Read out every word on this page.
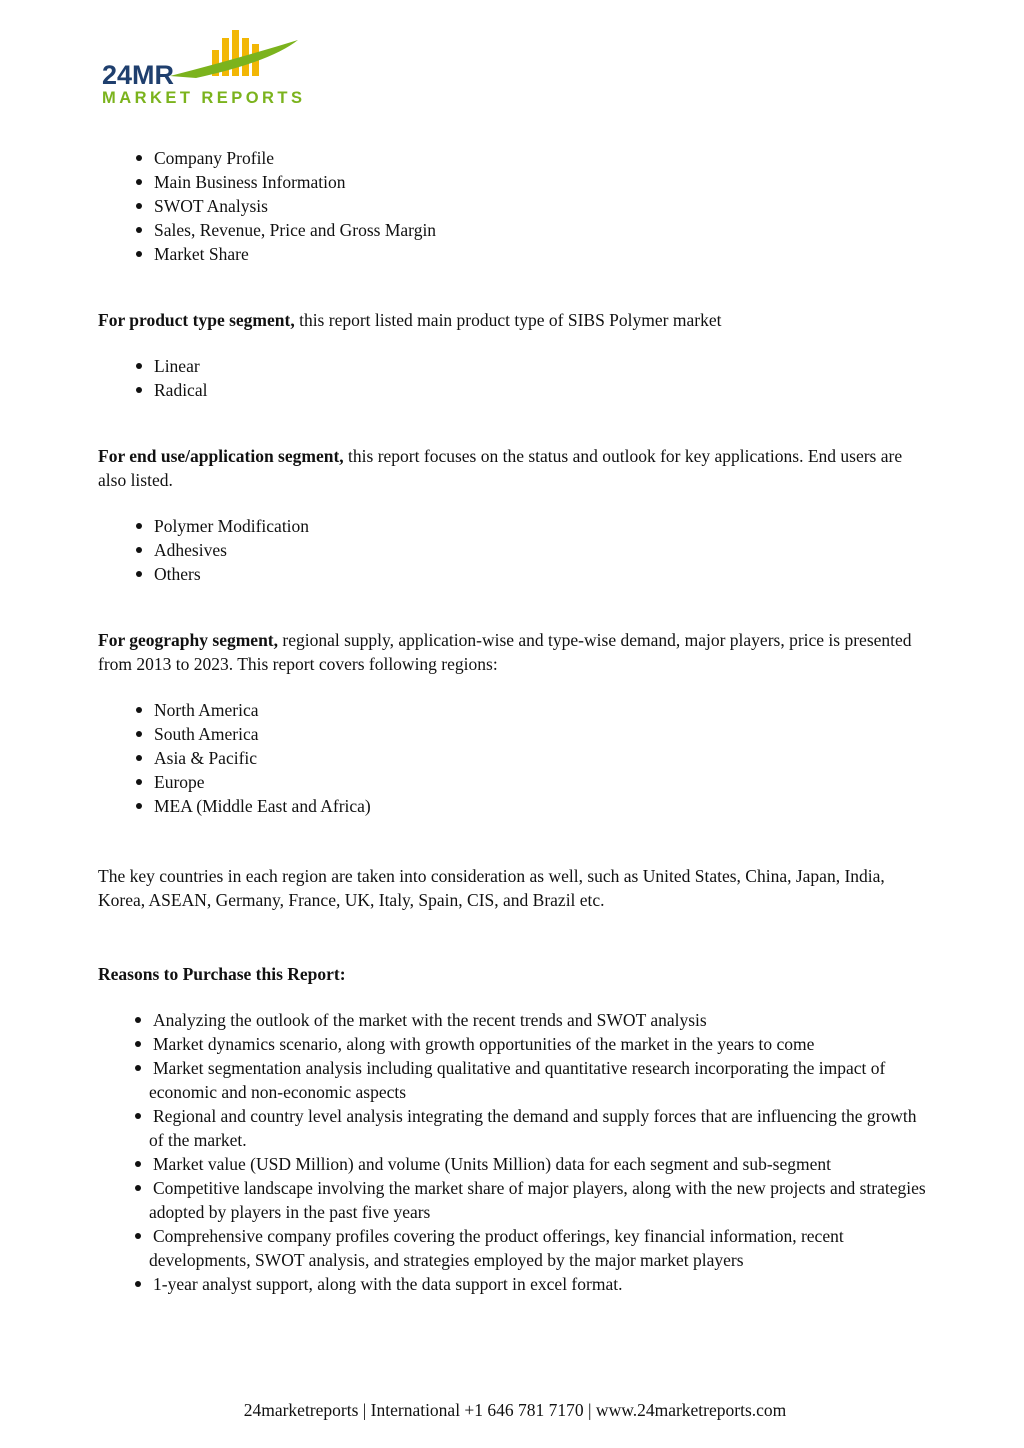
24MR
MARKET REPORTS
Company Profile
Main Business Information
SWOT Analysis
Sales, Revenue, Price and Gross Margin
Market Share

For product type segment, this report listed main product type of SIBS Polymer market

Linear
Radical

For end use/application segment, this report focuses on the status and outlook for key applications. End users are also listed.

Polymer Modification
Adhesives
Others

For geography segment, regional supply, application-wise and type-wise demand, major players, price is presented from 2013 to 2023. This report covers following regions:

North America
South America
Asia & Pacific
Europe
MEA (Middle East and Africa)

The key countries in each region are taken into consideration as well, such as United States, China, Japan, India, Korea, ASEAN, Germany, France, UK, Italy, Spain, CIS, and Brazil etc.

Reasons to Purchase this Report:

Analyzing the outlook of the market with the recent trends and SWOT analysis
Market dynamics scenario, along with growth opportunities of the market in the years to come
Market segmentation analysis including qualitative and quantitative research incorporating the impact of economic and non-economic aspects
Regional and country level analysis integrating the demand and supply forces that are influencing the growth of the market.
Market value (USD Million) and volume (Units Million) data for each segment and sub-segment
Competitive landscape involving the market share of major players, along with the new projects and strategies adopted by players in the past five years
Comprehensive company profiles covering the product offerings, key financial information, recent developments, SWOT analysis, and strategies employed by the major market players
1-year analyst support, along with the data support in excel format.
24marketreports | International +1 646 781 7170 | www.24marketreports.com
